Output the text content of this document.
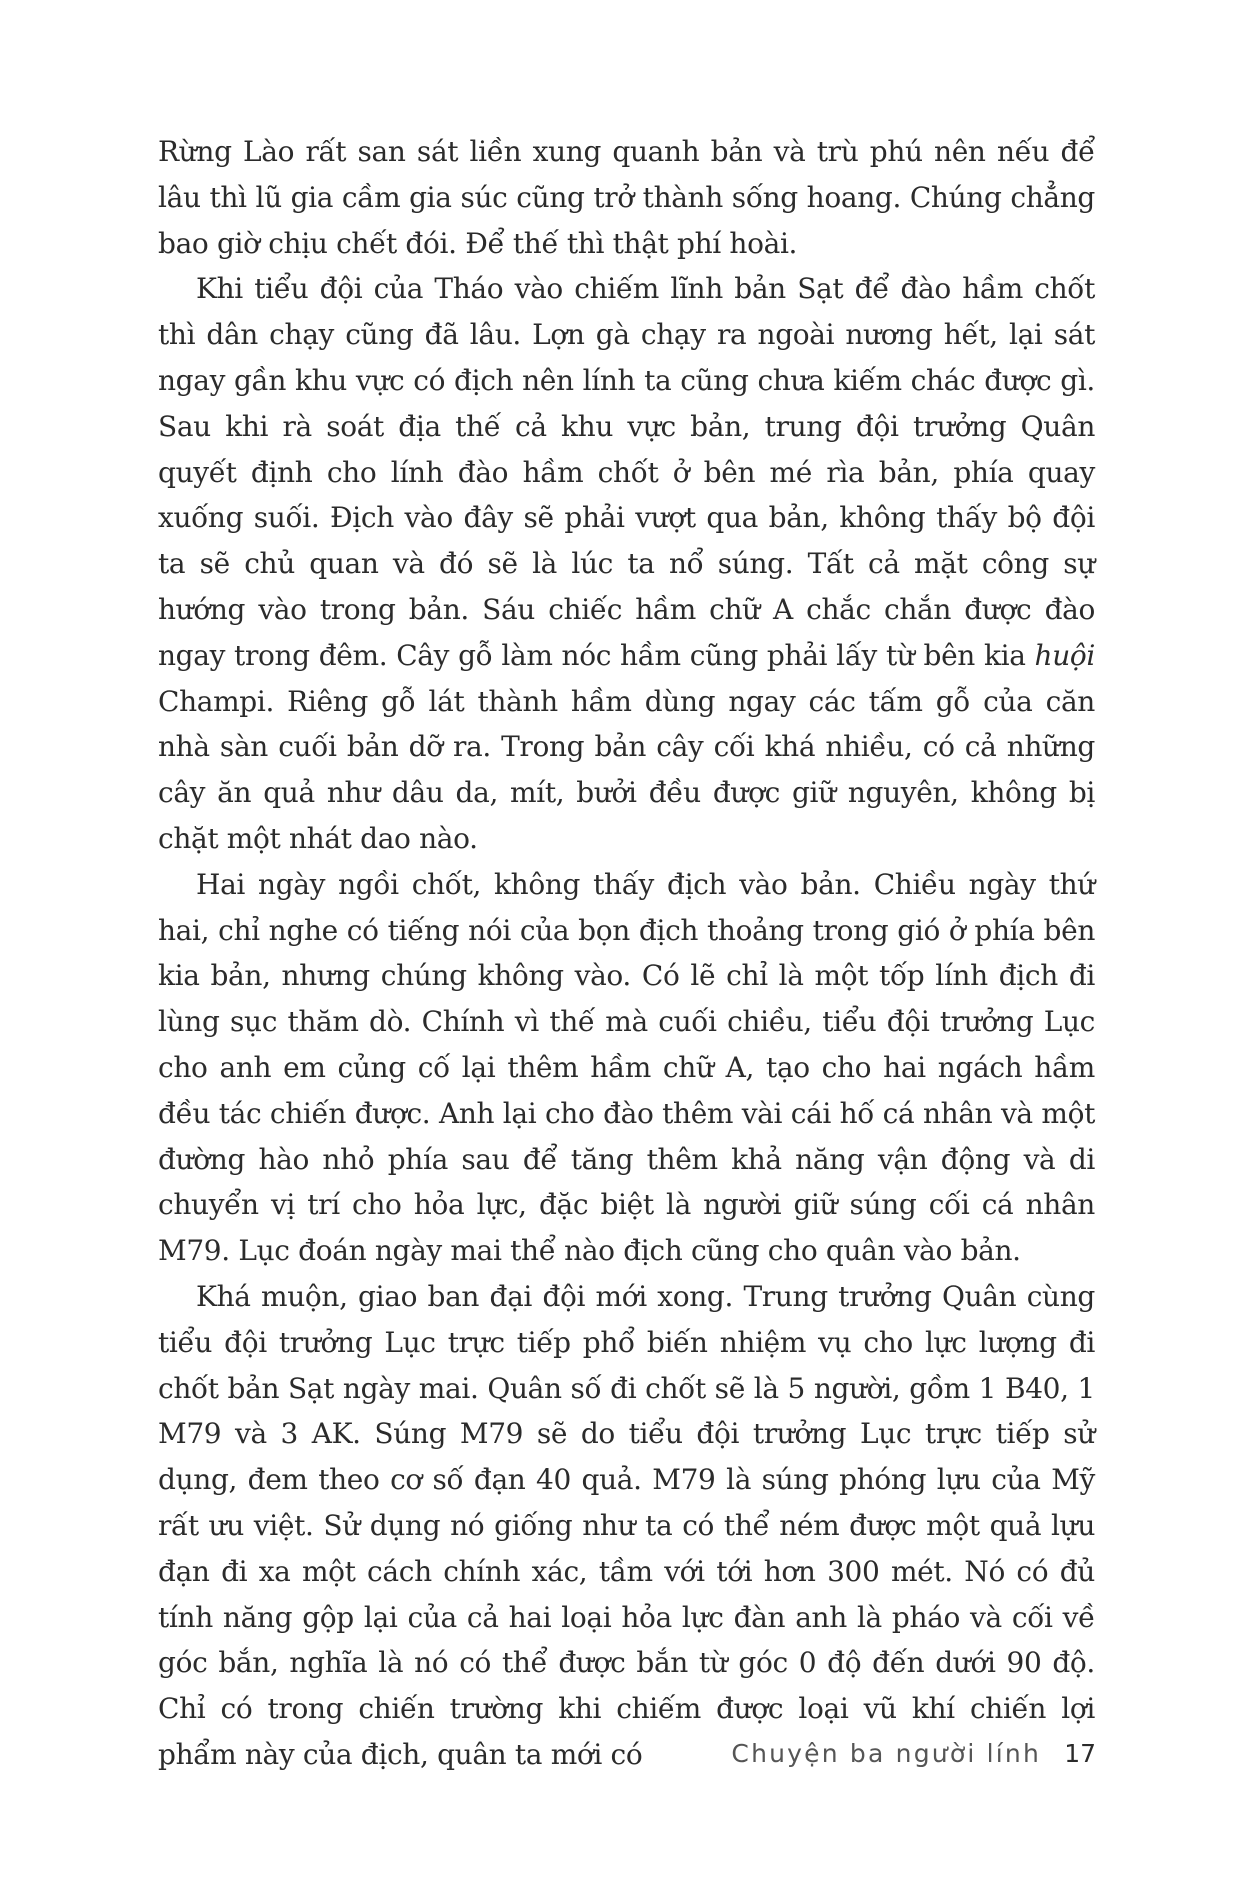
Rừng Lào rất san sát liền xung quanh bản và trù phú nên nếu để lâu thì lũ gia cầm gia súc cũng trở thành sống hoang. Chúng chẳng bao giờ chịu chết đói. Để thế thì thật phí hoài.

Khi tiểu đội của Tháo vào chiếm lĩnh bản Sạt để đào hầm chốt thì dân chạy cũng đã lâu. Lợn gà chạy ra ngoài nương hết, lại sát ngay gần khu vực có địch nên lính ta cũng chưa kiếm chác được gì. Sau khi rà soát địa thế cả khu vực bản, trung đội trưởng Quân quyết định cho lính đào hầm chốt ở bên mé rìa bản, phía quay xuống suối. Địch vào đây sẽ phải vượt qua bản, không thấy bộ đội ta sẽ chủ quan và đó sẽ là lúc ta nổ súng. Tất cả mặt công sự hướng vào trong bản. Sáu chiếc hầm chữ A chắc chắn được đào ngay trong đêm. Cây gỗ làm nóc hầm cũng phải lấy từ bên kia huội Champi. Riêng gỗ lát thành hầm dùng ngay các tấm gỗ của căn nhà sàn cuối bản dỡ ra. Trong bản cây cối khá nhiều, có cả những cây ăn quả như dâu da, mít, bưởi đều được giữ nguyên, không bị chặt một nhát dao nào.

Hai ngày ngồi chốt, không thấy địch vào bản. Chiều ngày thứ hai, chỉ nghe có tiếng nói của bọn địch thoảng trong gió ở phía bên kia bản, nhưng chúng không vào. Có lẽ chỉ là một tốp lính địch đi lùng sục thăm dò. Chính vì thế mà cuối chiều, tiểu đội trưởng Lục cho anh em củng cố lại thêm hầm chữ A, tạo cho hai ngách hầm đều tác chiến được. Anh lại cho đào thêm vài cái hố cá nhân và một đường hào nhỏ phía sau để tăng thêm khả năng vận động và di chuyển vị trí cho hỏa lực, đặc biệt là người giữ súng cối cá nhân M79. Lục đoán ngày mai thể nào địch cũng cho quân vào bản.

Khá muộn, giao ban đại đội mới xong. Trung trưởng Quân cùng tiểu đội trưởng Lục trực tiếp phổ biến nhiệm vụ cho lực lượng đi chốt bản Sạt ngày mai. Quân số đi chốt sẽ là 5 người, gồm 1 B40, 1 M79 và 3 AK. Súng M79 sẽ do tiểu đội trưởng Lục trực tiếp sử dụng, đem theo cơ số đạn 40 quả. M79 là súng phóng lựu của Mỹ rất ưu việt. Sử dụng nó giống như ta có thể ném được một quả lựu đạn đi xa một cách chính xác, tầm với tới hơn 300 mét. Nó có đủ tính năng gộp lại của cả hai loại hỏa lực đàn anh là pháo và cối về góc bắn, nghĩa là nó có thể được bắn từ góc 0 độ đến dưới 90 độ. Chỉ có trong chiến trường khi chiếm được loại vũ khí chiến lợi phẩm này của địch, quân ta mới có	Chuyện ba người lính 17
